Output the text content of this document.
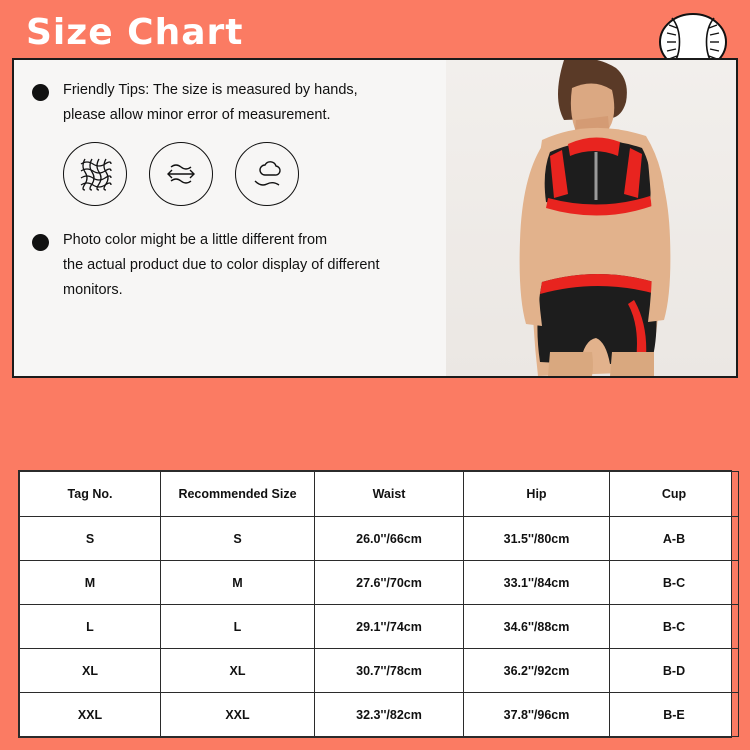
Size Chart
Friendly Tips: The size is measured by hands,
please allow minor error of measurement.
Photo color might be a little different from
the actual product due to color display of different
monitors.
Tag No.	Recommended Size	Waist	Hip	Cup
S	S	26.0''/66cm	31.5''/80cm	A-B
M	M	27.6''/70cm	33.1''/84cm	B-C
L	L	29.1''/74cm	34.6''/88cm	B-C
XL	XL	30.7''/78cm	36.2''/92cm	B-D
XXL	XXL	32.3''/82cm	37.8''/96cm	B-E
